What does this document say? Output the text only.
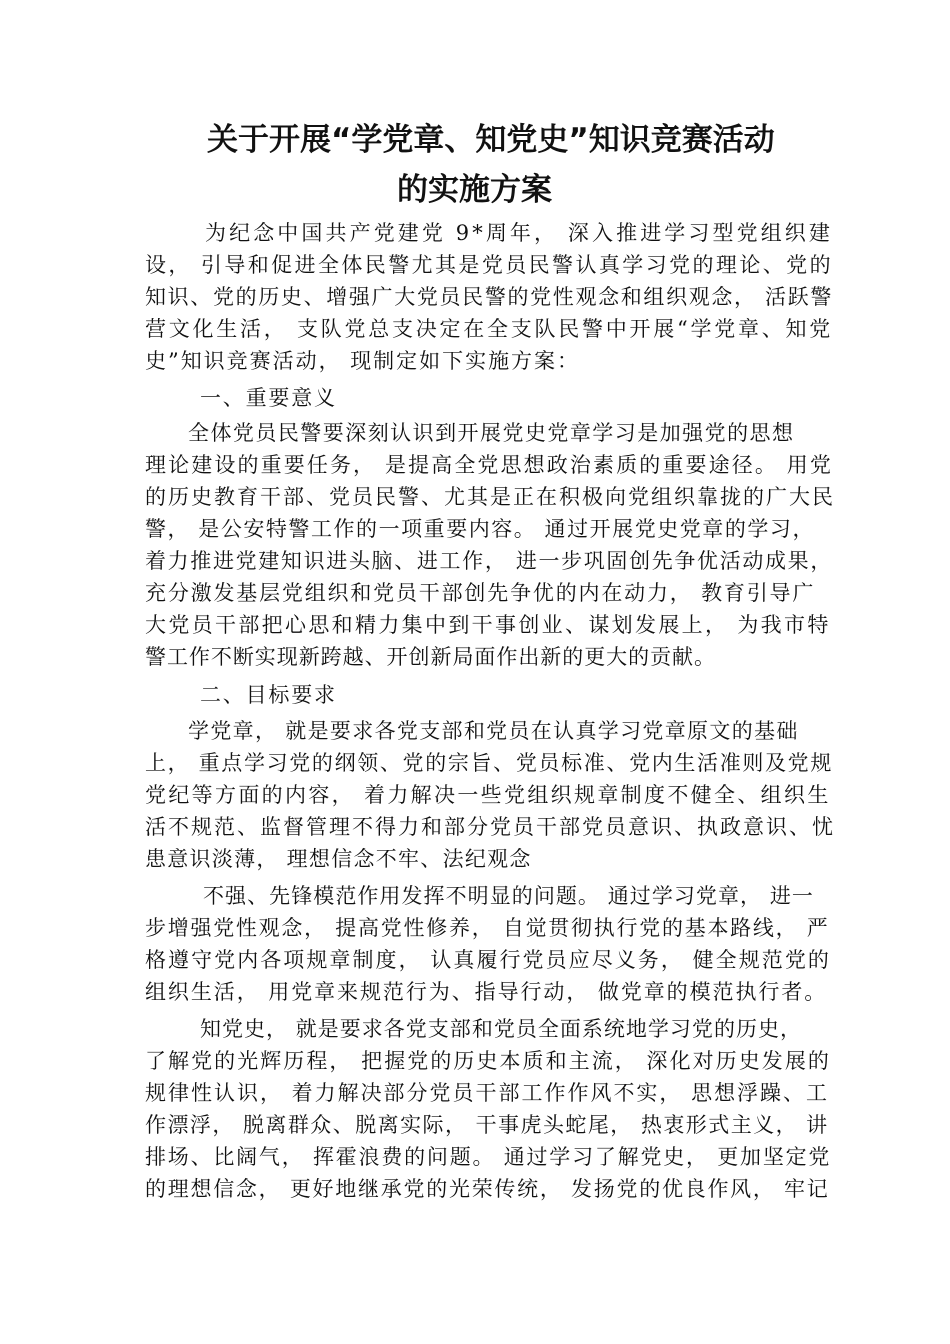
关于开展“学党章、知党史”知识竞赛活动
的实施方案
为纪念中国共产党建党 9*周年， 深入推进学习型党组织建
设， 引导和促进全体民警尤其是党员民警认真学习党的理论、党的
知识、党的历史、增强广大党员民警的党性观念和组织观念， 活跃警
营文化生活， 支队党总支决定在全支队民警中开展“学党章、知党
史”知识竞赛活动， 现制定如下实施方案：
一、重要意义
全体党员民警要深刻认识到开展党史党章学习是加强党的思想
理论建设的重要任务， 是提高全党思想政治素质的重要途径。 用党
的历史教育干部、党员民警、尤其是正在积极向党组织靠拢的广大民
警， 是公安特警工作的一项重要内容。 通过开展党史党章的学习，
着力推进党建知识进头脑、进工作， 进一步巩固创先争优活动成果，
充分激发基层党组织和党员干部创先争优的内在动力， 教育引导广
大党员干部把心思和精力集中到干事创业、谋划发展上， 为我市特
警工作不断实现新跨越、开创新局面作出新的更大的贡献。
二、目标要求
学党章， 就是要求各党支部和党员在认真学习党章原文的基础
上， 重点学习党的纲领、党的宗旨、党员标准、党内生活准则及党规
党纪等方面的内容， 着力解决一些党组织规章制度不健全、组织生
活不规范、监督管理不得力和部分党员干部党员意识、执政意识、忧
患意识淡薄， 理想信念不牢、法纪观念
不强、先锋模范作用发挥不明显的问题。 通过学习党章， 进一
步增强党性观念， 提高党性修养， 自觉贯彻执行党的基本路线， 严
格遵守党内各项规章制度， 认真履行党员应尽义务， 健全规范党的
组织生活， 用党章来规范行为、指导行动， 做党章的模范执行者。
知党史， 就是要求各党支部和党员全面系统地学习党的历史，
了解党的光辉历程， 把握党的历史本质和主流， 深化对历史发展的
规律性认识， 着力解决部分党员干部工作作风不实， 思想浮躁、工
作漂浮， 脱离群众、脱离实际， 干事虎头蛇尾， 热衷形式主义， 讲
排场、比阔气， 挥霍浪费的问题。 通过学习了解党史， 更加坚定党
的理想信念， 更好地继承党的光荣传统， 发扬党的优良作风， 牢记
